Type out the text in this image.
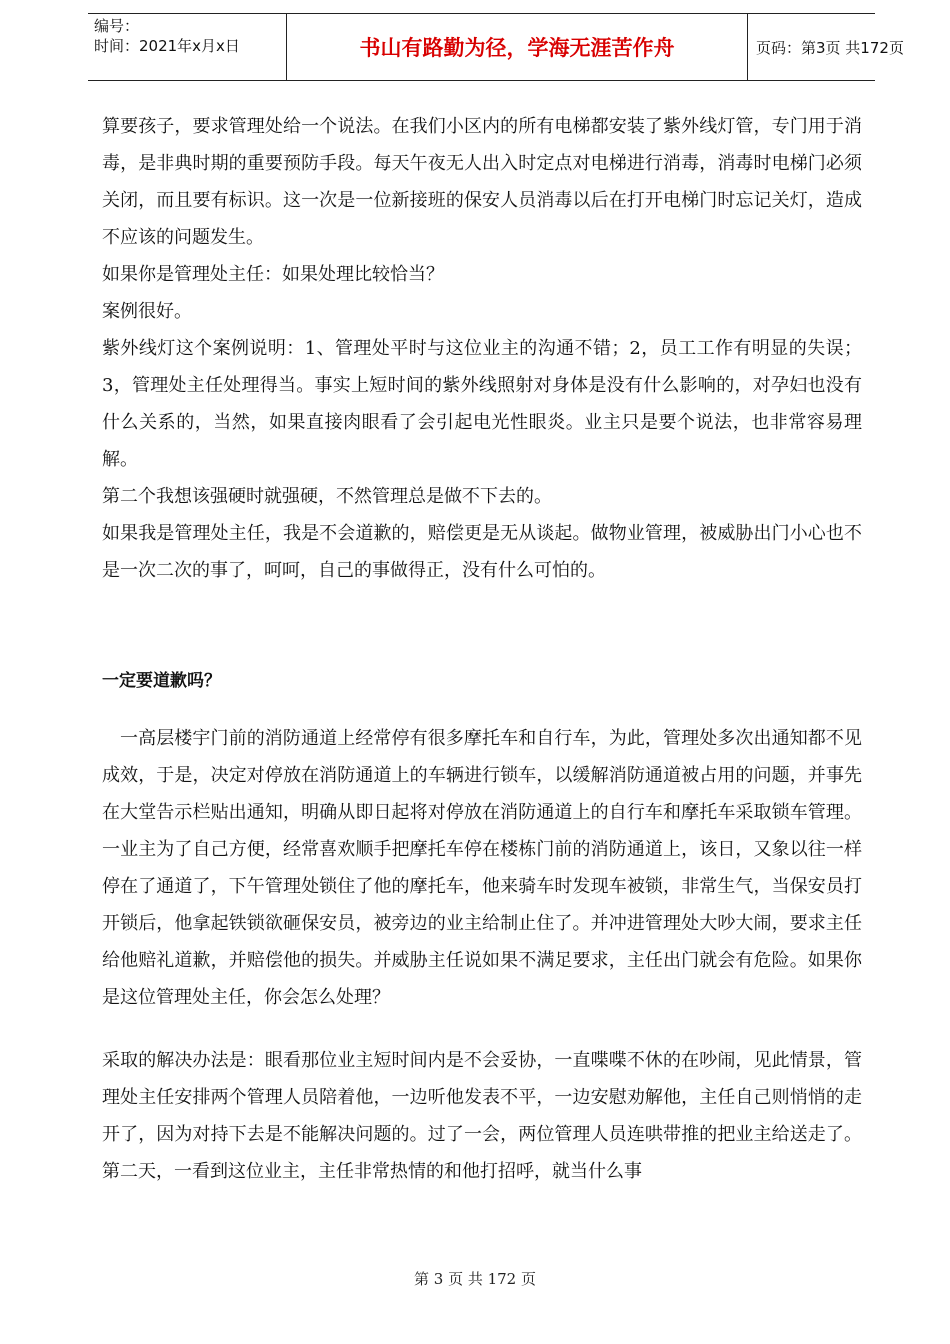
编号：
时间：2021年x月x日	书山有路勤为径，学海无涯苦作舟	页码：第3页 共172页

算要孩子，要求管理处给一个说法。在我们小区内的所有电梯都安装了紫外线灯管，专门用于消毒，是非典时期的重要预防手段。每天午夜无人出入时定点对电梯进行消毒，消毒时电梯门必须关闭，而且要有标识。这一次是一位新接班的保安人员消毒以后在打开电梯门时忘记关灯，造成不应该的问题发生。

如果你是管理处主任：如果处理比较恰当？

案例很好。

紫外线灯这个案例说明：1、管理处平时与这位业主的沟通不错；2，员工工作有明显的失误；3，管理处主任处理得当。事实上短时间的紫外线照射对身体是没有什么影响的，对孕妇也没有什么关系的，当然，如果直接肉眼看了会引起电光性眼炎。业主只是要个说法，也非常容易理解。

第二个我想该强硬时就强硬，不然管理总是做不下去的。

如果我是管理处主任，我是不会道歉的，赔偿更是无从谈起。做物业管理，被威胁出门小心也不是一次二次的事了，呵呵，自己的事做得正，没有什么可怕的。

一定要道歉吗？

一高层楼宇门前的消防通道上经常停有很多摩托车和自行车，为此，管理处多次出通知都不见成效，于是，决定对停放在消防通道上的车辆进行锁车，以缓解消防通道被占用的问题，并事先在大堂告示栏贴出通知，明确从即日起将对停放在消防通道上的自行车和摩托车采取锁车管理。一业主为了自己方便，经常喜欢顺手把摩托车停在楼栋门前的消防通道上，该日，又象以往一样停在了通道了，下午管理处锁住了他的摩托车，他来骑车时发现车被锁，非常生气，当保安员打开锁后，他拿起铁锁欲砸保安员，被旁边的业主给制止住了。并冲进管理处大吵大闹，要求主任给他赔礼道歉，并赔偿他的损失。并威胁主任说如果不满足要求，主任出门就会有危险。如果你是这位管理处主任，你会怎么处理？

采取的解决办法是：眼看那位业主短时间内是不会妥协，一直喋喋不休的在吵闹，见此情景，管理处主任安排两个管理人员陪着他，一边听他发表不平，一边安慰劝解他，主任自己则悄悄的走开了，因为对持下去是不能解决问题的。过了一会，两位管理人员连哄带推的把业主给送走了。第二天，一看到这位业主，主任非常热情的和他打招呼，就当什么事

第 3 页 共 172 页
